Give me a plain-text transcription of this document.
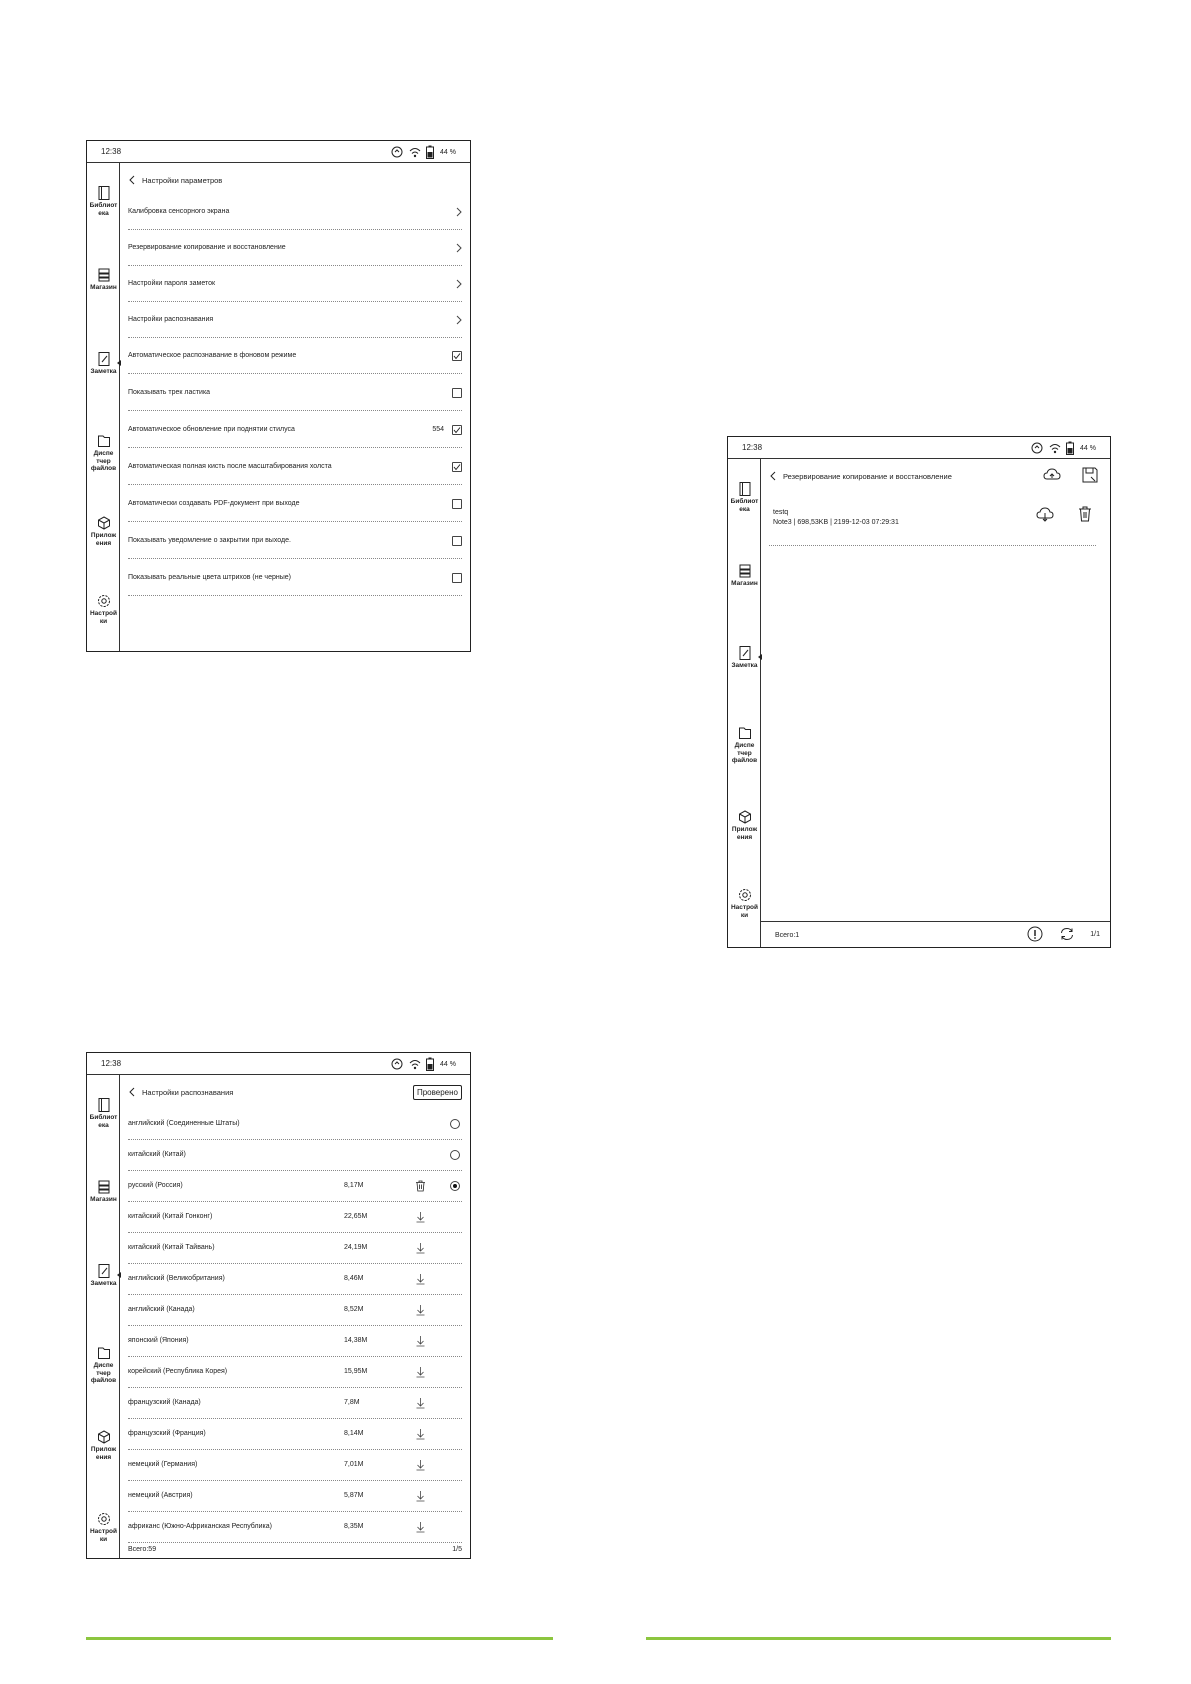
12:38	44 %
Библиот
ека
Магазин
Заметка
Диспе
тчер
файлов
Прилож
ения
Настрой
ки
Настройки параметров
Калибровка сенсорного экрана
Резервирование копирование и восстановление
Настройки пароля заметок
Настройки распознавания
Автоматическое распознавание в фоновом режиме
Показывать трек ластика
Автоматическое обновление при поднятии стилуса	554
Автоматическая полная кисть после масштабирования холста
Автоматически создавать PDF-документ при выходе
Показывать уведомление о закрытии при выходе.
Показывать реальные цвета штрихов (не черные)
12:38	44 %
Библиот
ека
Магазин
Заметка
Диспе
тчер
файлов
Прилож
ения
Настрой
ки
Резервирование копирование и восстановление
testq
Note3 | 698,53KB | 2199-12-03 07:29:31
Всего:1	1/1
12:38	44 %
Библиот
ека
Магазин
Заметка
Диспе
тчер
файлов
Прилож
ения
Настрой
ки
Настройки распознавания	Проверено
английский (Соединенные Штаты)
китайский (Китай)
русский (Россия)	8,17M
китайский (Китай Гонконг)	22,65M
китайский (Китай Тайвань)	24,19M
английский (Великобритания)	8,46M
английский (Канада)	8,52M
японский (Япония)	14,38M
корейский (Республика Корея)	15,95M
французский (Канада)	7,8M
французский (Франция)	8,14M
немецкий (Германия)	7,01M
немецкий (Австрия)	5,87M
африканс (Южно-Африканская Республика)	8,35M
Всего:59	1/5
